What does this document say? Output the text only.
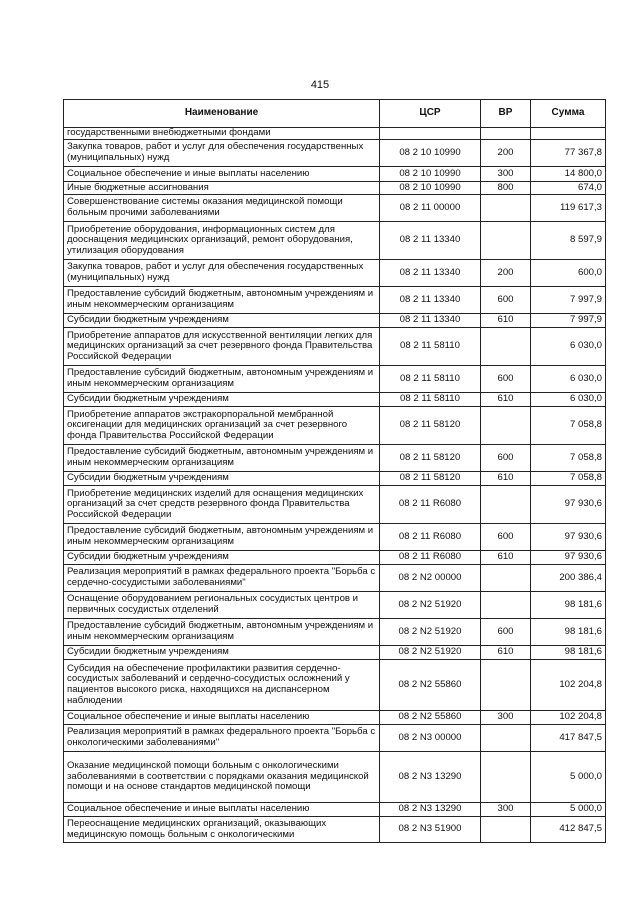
415
Наименование	ЦСР	ВР	Сумма
государственными внебюджетными фондами			
Закупка товаров, работ и услуг для обеспечения государственных (муниципальных) нужд	08 2 10 10990	200	77 367,8
Социальное обеспечение и иные выплаты населению	08 2 10 10990	300	14 800,0
Иные бюджетные ассигнования	08 2 10 10990	800	674,0
Совершенствование системы оказания медицинской помощи больным прочими заболеваниями	08 2 11 00000		119 617,3
Приобретение оборудования, информационных систем для дооснащения медицинских организаций, ремонт оборудования, утилизация оборудования	08 2 11 13340		8 597,9
Закупка товаров, работ и услуг для обеспечения государственных (муниципальных) нужд	08 2 11 13340	200	600,0
Предоставление субсидий бюджетным, автономным учреждениям и иным некоммерческим организациям	08 2 11 13340	600	7 997,9
Субсидии бюджетным учреждениям	08 2 11 13340	610	7 997,9
Приобретение аппаратов для искусственной вентиляции легких для медицинских организаций за счет резервного фонда Правительства Российской Федерации	08 2 11 58110		6 030,0
Предоставление субсидий бюджетным, автономным учреждениям и иным некоммерческим организациям	08 2 11 58110	600	6 030,0
Субсидии бюджетным учреждениям	08 2 11 58110	610	6 030,0
Приобретение аппаратов экстракорпоральной мембранной оксигенации для медицинских организаций за счет резервного фонда Правительства Российской Федерации	08 2 11 58120		7 058,8
Предоставление субсидий бюджетным, автономным учреждениям и иным некоммерческим организациям	08 2 11 58120	600	7 058,8
Субсидии бюджетным учреждениям	08 2 11 58120	610	7 058,8
Приобретение медицинских изделий для оснащения медицинских организаций за счет средств резервного фонда Правительства Российской Федерации	08 2 11 R6080		97 930,6
Предоставление субсидий бюджетным, автономным учреждениям и иным некоммерческим организациям	08 2 11 R6080	600	97 930,6
Субсидии бюджетным учреждениям	08 2 11 R6080	610	97 930,6
Реализация мероприятий в рамках федерального проекта "Борьба с сердечно-сосудистыми заболеваниями"	08 2 N2 00000		200 386,4
Оснащение оборудованием региональных сосудистых центров и первичных сосудистых отделений	08 2 N2 51920		98 181,6
Предоставление субсидий бюджетным, автономным учреждениям и иным некоммерческим организациям	08 2 N2 51920	600	98 181,6
Субсидии бюджетным учреждениям	08 2 N2 51920	610	98 181,6
Субсидия на обеспечение профилактики развития сердечно-сосудистых заболеваний и сердечно-сосудистых осложнений у пациентов высокого риска, находящихся на диспансерном наблюдении	08 2 N2 55860		102 204,8
Социальное обеспечение и иные выплаты населению	08 2 N2 55860	300	102 204,8
Реализация мероприятий в рамках федерального проекта "Борьба с онкологическими заболеваниями"	08 2 N3 00000		417 847,5
Оказание медицинской помощи больным с онкологическими заболеваниями в соответствии с порядками оказания медицинской помощи и на основе стандартов медицинской помощи	08 2 N3 13290		5 000,0
Социальное обеспечение и иные выплаты населению	08 2 N3 13290	300	5 000,0
Переоснащение медицинских организаций, оказывающих медицинскую помощь больным с онкологическими	08 2 N3 51900		412 847,5
